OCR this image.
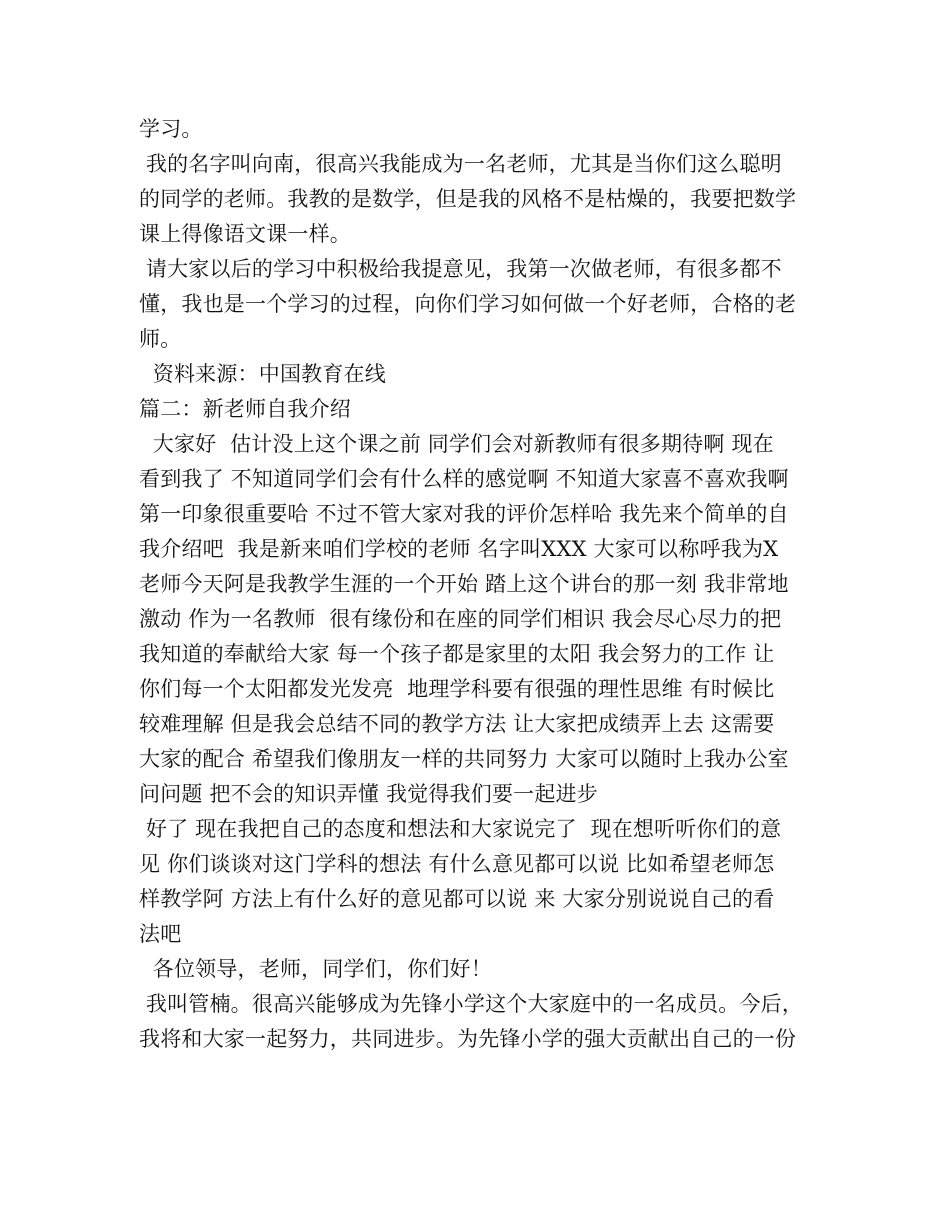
学习。
我的名字叫向南，很高兴我能成为一名老师，尤其是当你们这么聪明
的同学的老师。我教的是数学，但是我的风格不是枯燥的，我要把数学
课上得像语文课一样。
请大家以后的学习中积极给我提意见，我第一次做老师，有很多都不
懂，我也是一个学习的过程，向你们学习如何做一个好老师，合格的老
师。
资料来源：中国教育在线
篇二：新老师自我介绍
大家好  估计没上这个课之前 同学们会对新教师有很多期待啊 现在
看到我了 不知道同学们会有什么样的感觉啊 不知道大家喜不喜欢我啊
第一印象很重要哈 不过不管大家对我的评价怎样哈 我先来个简单的自
我介绍吧  我是新来咱们学校的老师 名字叫XXX 大家可以称呼我为X
老师今天阿是我教学生涯的一个开始 踏上这个讲台的那一刻 我非常地
激动 作为一名教师  很有缘份和在座的同学们相识 我会尽心尽力的把
我知道的奉献给大家 每一个孩子都是家里的太阳 我会努力的工作 让
你们每一个太阳都发光发亮  地理学科要有很强的理性思维 有时候比
较难理解 但是我会总结不同的教学方法 让大家把成绩弄上去 这需要
大家的配合 希望我们像朋友一样的共同努力 大家可以随时上我办公室
问问题 把不会的知识弄懂 我觉得我们要一起进步
好了 现在我把自己的态度和想法和大家说完了  现在想听听你们的意
见 你们谈谈对这门学科的想法 有什么意见都可以说 比如希望老师怎
样教学阿 方法上有什么好的意见都可以说 来 大家分别说说自己的看
法吧
各位领导，老师，同学们，你们好！
我叫管楠。很高兴能够成为先锋小学这个大家庭中的一名成员。今后，
我将和大家一起努力，共同进步。为先锋小学的强大贡献出自己的一份
